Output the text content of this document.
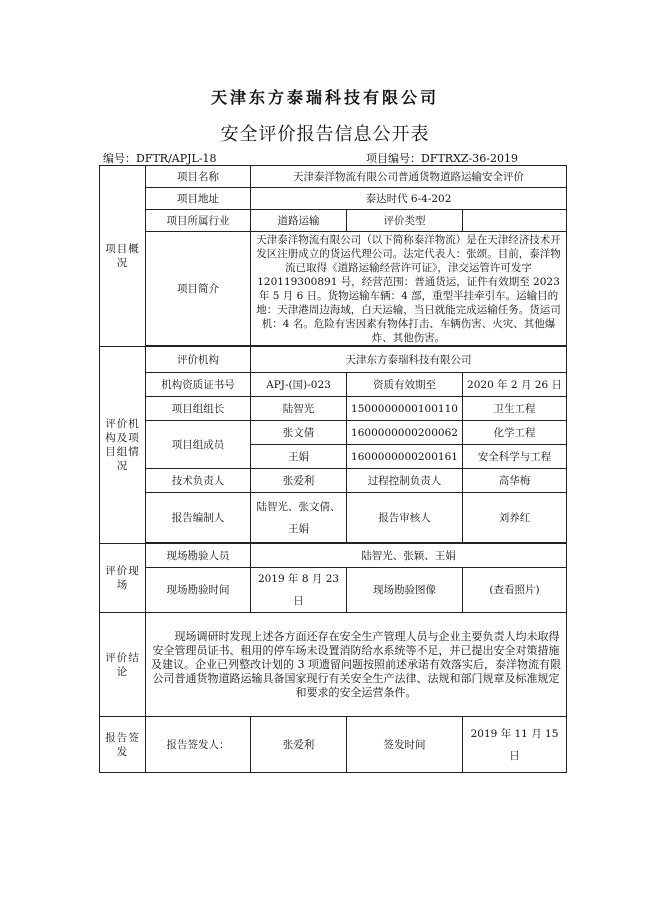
天津东方泰瑞科技有限公司
安全评价报告信息公开表
编号：DFTR/APJL-18	项目编号：DFTRXZ-36-2019
项目概况	项目名称	天津泰洋物流有限公司普通货物道路运输安全评价		
	项目地址	泰达时代 6-4-202		
	项目所属行业	道路运输	评价类型	
	项目简介	天津泰洋物流有限公司（以下简称泰洋物流）是在天津经济技术开发区注册成立的货运代理公司。法定代表人：张颂。目前，泰洋物流已取得《道路运输经营许可证》，津交运管许可发字 120119300891 号，经营范围：普通货运，证件有效期至 2023 年 5 月 6 日。货物运输车辆：4 部，重型半挂牵引车。运输目的地：天津港周边海域，白天运输，当日就能完成运输任务。货运司机：4 名。危险有害因素有物体打击、车辆伤害、火灾、其他爆炸、其他伤害。		

评价机构及项目组情况	评价机构	天津东方泰瑞科技有限公司		
	机构资质证书号	APJ-(国)-023	资质有效期至	2020 年 2 月 26 日
	项目组组长	陆智光	1500000000100110	卫生工程
	项目组成员	张文倩	1600000000200062	化学工程
		王娟	1600000000200161	安全科学与工程
	技术负责人	张爱利	过程控制负责人	高华梅
	报告编制人	陆智光、张文倩、王娟	报告审核人	刘养红

评价现场	现场勘验人员	陆智光、张颖、王娟		
	现场勘验时间	2019 年 8 月 23 日	现场勘验图像	(查看照片)
评价结论	现场调研时发现上述各方面还存在安全生产管理人员与企业主要负责人均未取得安全管理员证书、租用的停车场未设置消防给水系统等不足，并已提出安全对策措施及建议。企业已列整改计划的 3 项遗留问题按照前述承诺有效落实后，泰洋物流有限公司普通货物道路运输具备国家现行有关安全生产法律、法规和部门规章及标准规定和要求的安全运营条件。			
报告签发	报告签发人：	张爱利	签发时间	2019 年 11 月 15 日
